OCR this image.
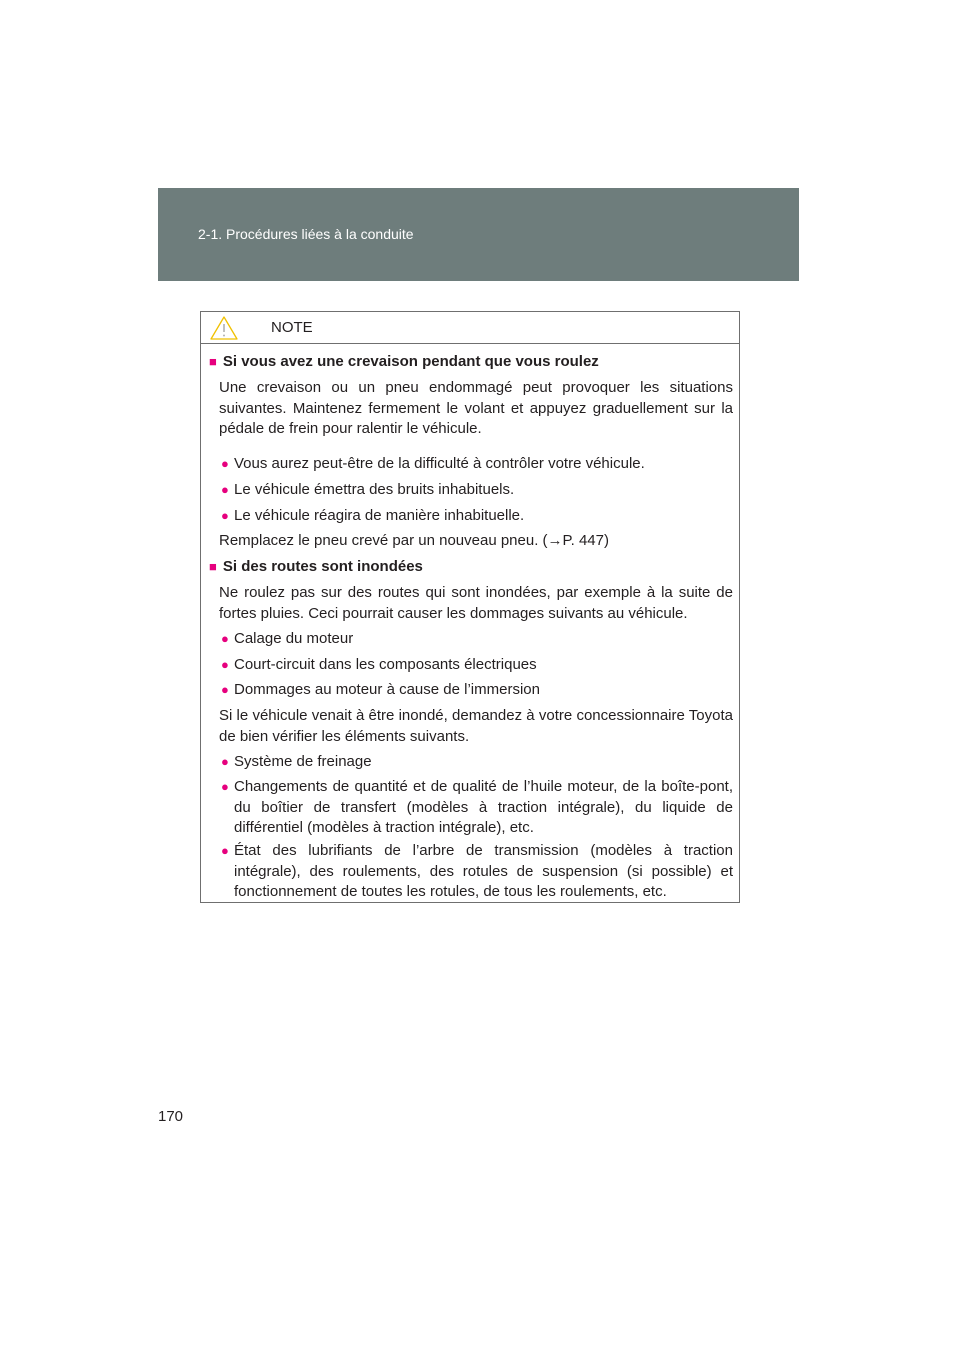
2-1. Procédures liées à la conduite
NOTE
■ Si vous avez une crevaison pendant que vous roulez
Une crevaison ou un pneu endommagé peut provoquer les situations suivantes. Maintenez fermement le volant et appuyez graduellement sur la pédale de frein pour ralentir le véhicule.
● Vous aurez peut-être de la difficulté à contrôler votre véhicule.
● Le véhicule émettra des bruits inhabituels.
● Le véhicule réagira de manière inhabituelle.
Remplacez le pneu crevé par un nouveau pneu. (→P. 447)
■ Si des routes sont inondées
Ne roulez pas sur des routes qui sont inondées, par exemple à la suite de fortes pluies. Ceci pourrait causer les dommages suivants au véhicule.
● Calage du moteur
● Court-circuit dans les composants électriques
● Dommages au moteur à cause de l’immersion
Si le véhicule venait à être inondé, demandez à votre concessionnaire Toyota de bien vérifier les éléments suivants.
● Système de freinage
● Changements de quantité et de qualité de l’huile moteur, de la boîte-pont, du boîtier de transfert (modèles à traction intégrale), du liquide de différentiel (modèles à traction intégrale), etc.
● État des lubrifiants de l’arbre de transmission (modèles à traction intégrale), des roulements, des rotules de suspension (si possible) et fonctionnement de toutes les rotules, de tous les roulements, etc.
170
